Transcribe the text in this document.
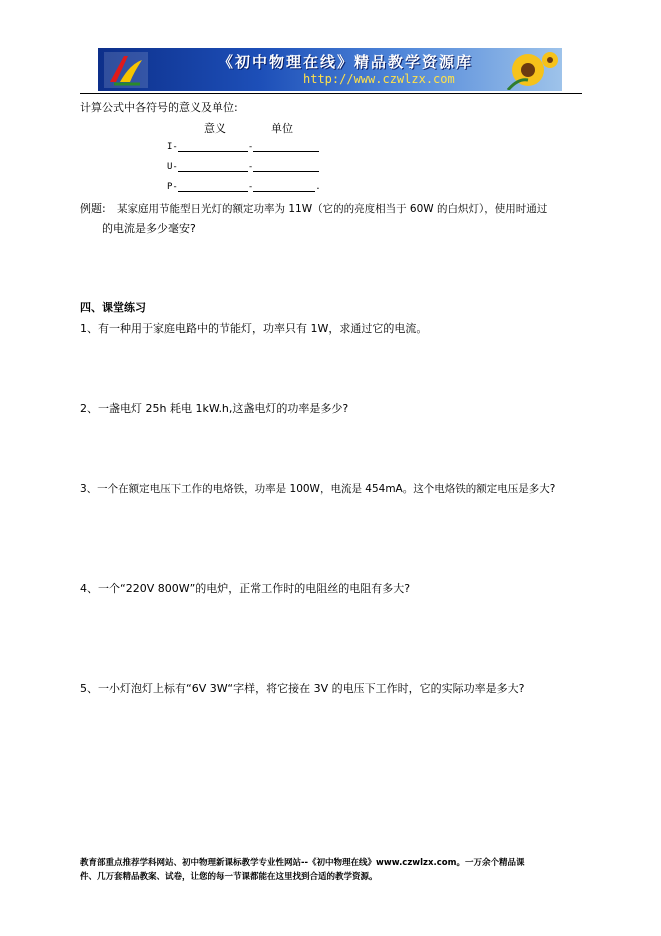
《初中物理在线》精品教学资源库
http://www.czwlzx.com
计算公式中各符号的意义及单位:
意义	单位
I-	-
U-	-
P-	-	.
例题: 某家庭用节能型日光灯的额定功率为 11W（它的的亮度相当于 60W 的白炽灯），使用时通过
的电流是多少毫安?
四、课堂练习
1、有一种用于家庭电路中的节能灯，功率只有 1W，求通过它的电流。
2、一盏电灯 25h 耗电 1kW.h,这盏电灯的功率是多少?
3、一个在额定电压下工作的电烙铁，功率是 100W，电流是 454mA。这个电烙铁的额定电压是多大?
4、一个“220V 800W”的电炉，正常工作时的电阻丝的电阻有多大?
5、一小灯泡灯上标有“6V 3W“字样，将它接在 3V 的电压下工作时，它的实际功率是多大?
教育部重点推荐学科网站、初中物理新课标教学专业性网站--《初中物理在线》www.czwlzx.com。一万余个精品课
件、几万套精品教案、试卷，让您的每一节课都能在这里找到合适的教学资源。
